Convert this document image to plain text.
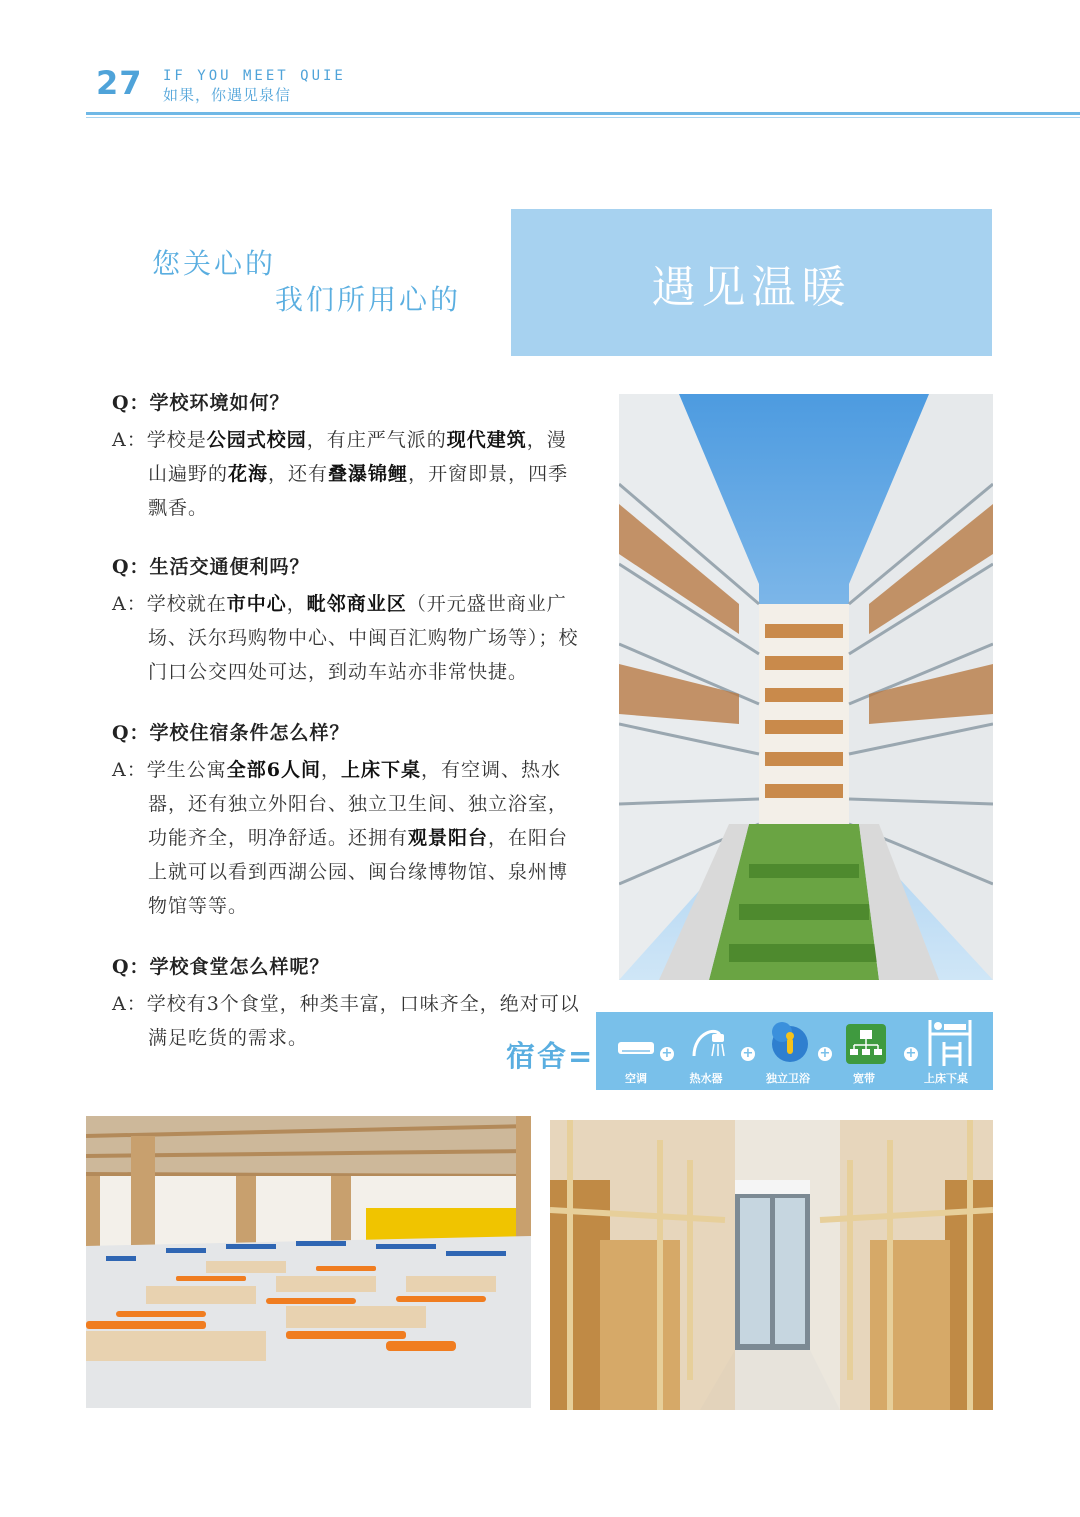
27 IF YOU MEET QUIE
如果，你遇见泉信
您关心的
我们所用心的	遇见温暖
Q：学校环境如何？
A：学校是公园式校园，有庄严气派的现代建筑，漫山遍野的花海，还有叠瀑锦鲤，开窗即景，四季飘香。
Q：生活交通便利吗？
A：学校就在市中心，毗邻商业区（开元盛世商业广场、沃尔玛购物中心、中闽百汇购物广场等）；校门口公交四处可达，到动车站亦非常快捷。
Q：学校住宿条件怎么样？
A：学生公寓全部6人间，上床下桌，有空调、热水器，还有独立外阳台、独立卫生间、独立浴室，功能齐全，明净舒适。还拥有观景阳台，在阳台上就可以看到西湖公园、闽台缘博物馆、泉州博物馆等等。
Q：学校食堂怎么样呢？
A：学校有3个食堂，种类丰富，口味齐全，绝对可以满足吃货的需求。
宿舍=
空调
+
热水器
+
独立卫浴
+
宽带
+
上床下桌
